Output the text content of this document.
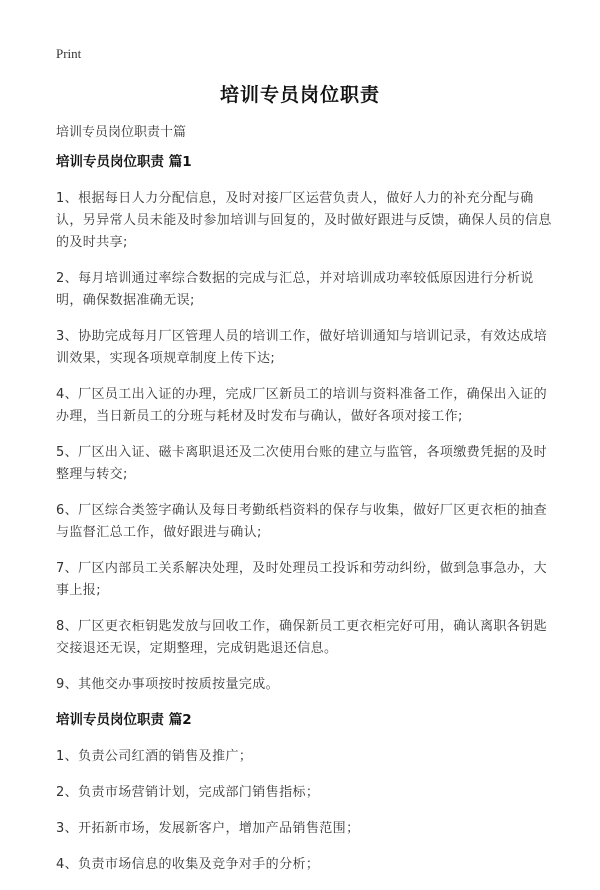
Print
培训专员岗位职责
培训专员岗位职责十篇
培训专员岗位职责 篇1

1、根据每日人力分配信息，及时对接厂区运营负责人，做好人力的补充分配与确认，另异常人员未能及时参加培训与回复的，及时做好跟进与反馈，确保人员的信息的及时共享;

2、每月培训通过率综合数据的完成与汇总，并对培训成功率较低原因进行分析说明，确保数据准确无误;

3、协助完成每月厂区管理人员的培训工作，做好培训通知与培训记录，有效达成培训效果，实现各项规章制度上传下达;

4、厂区员工出入证的办理，完成厂区新员工的培训与资料准备工作，确保出入证的办理，当日新员工的分班与耗材及时发布与确认，做好各项对接工作;

5、厂区出入证、磁卡离职退还及二次使用台账的建立与监管，各项缴费凭据的及时整理与转交;

6、厂区综合类签字确认及每日考勤纸档资料的保存与收集，做好厂区更衣柜的抽查与监督汇总工作，做好跟进与确认;

7、厂区内部员工关系解决处理，及时处理员工投诉和劳动纠纷，做到急事急办，大事上报;

8、厂区更衣柜钥匙发放与回收工作，确保新员工更衣柜完好可用，确认离职各钥匙交接退还无误，定期整理，完成钥匙退还信息。

9、其他交办事项按时按质按量完成。

培训专员岗位职责 篇2

1、负责公司红酒的销售及推广；

2、负责市场营销计划，完成部门销售指标；

3、开拓新市场，发展新客户，增加产品销售范围；

4、负责市场信息的收集及竞争对手的分析；
